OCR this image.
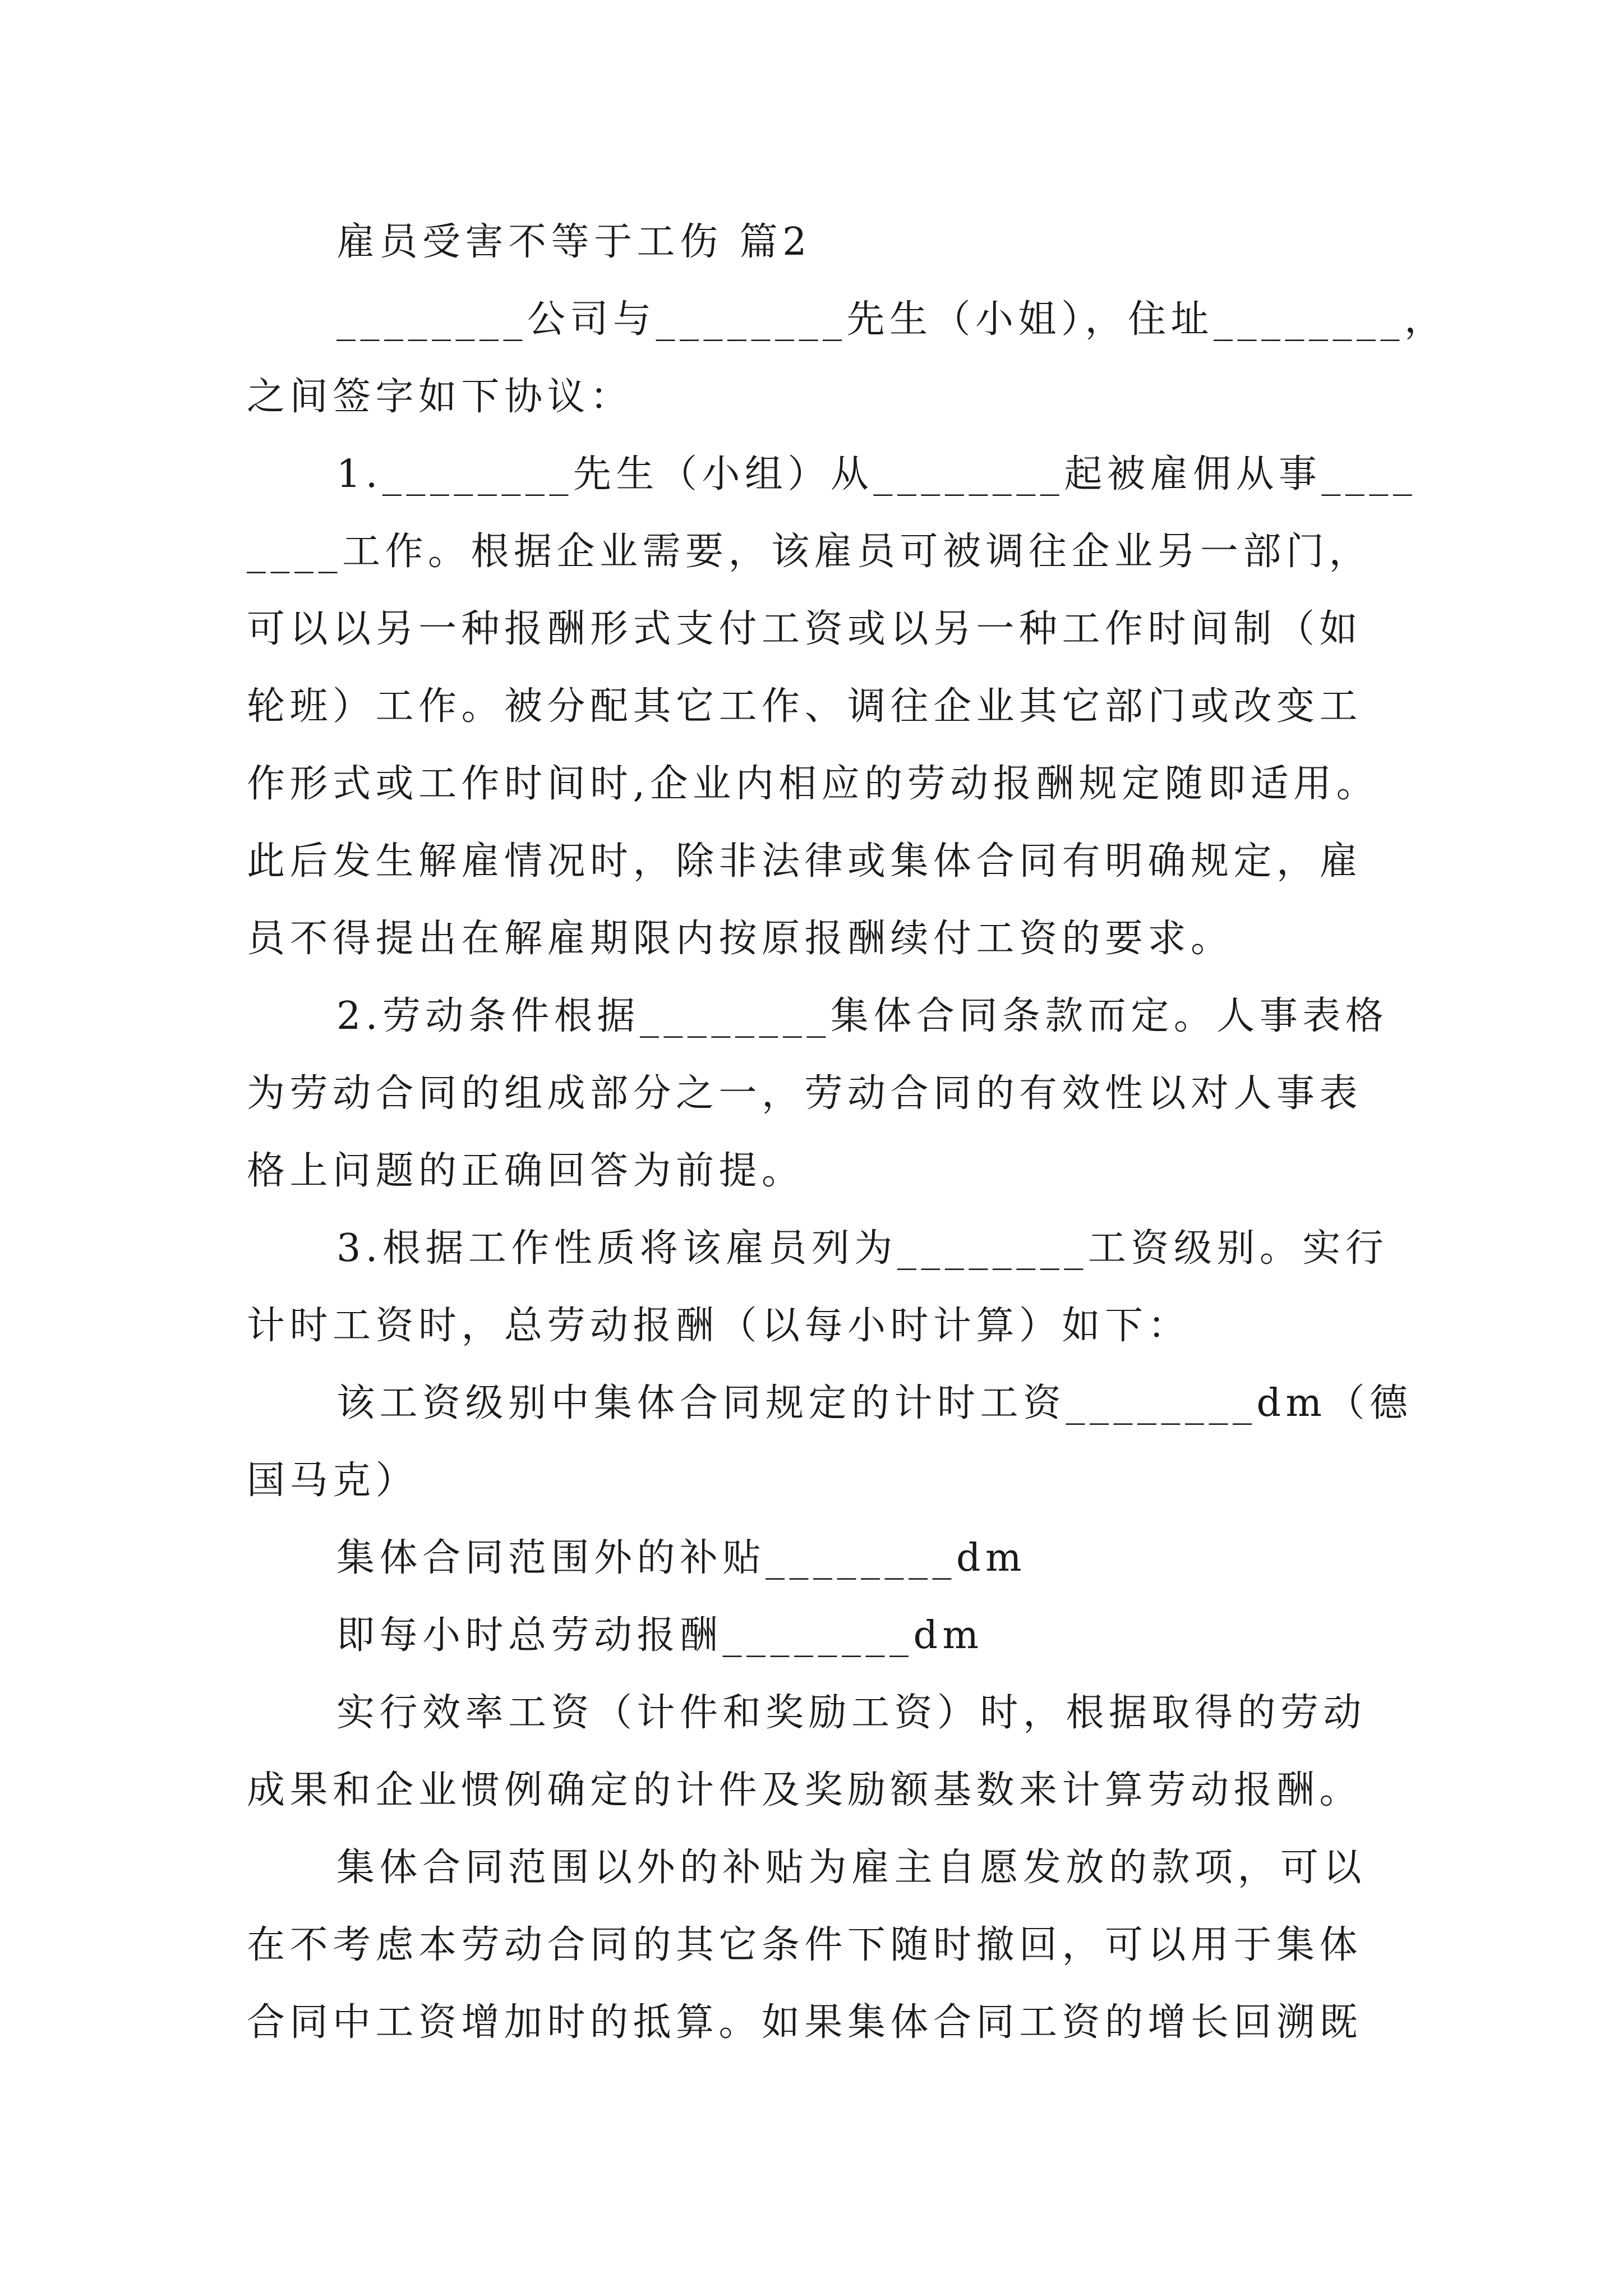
雇员受害不等于工伤 篇2
________公司与________先生（小姐），住址________，
之间签字如下协议：
1.________先生（小组）从________起被雇佣从事____
____工作。根据企业需要，该雇员可被调往企业另一部门，
可以以另一种报酬形式支付工资或以另一种工作时间制（如
轮班）工作。被分配其它工作、调往企业其它部门或改变工
作形式或工作时间时,企业内相应的劳动报酬规定随即适用。
此后发生解雇情况时，除非法律或集体合同有明确规定，雇
员不得提出在解雇期限内按原报酬续付工资的要求。
2.劳动条件根据________集体合同条款而定。人事表格
为劳动合同的组成部分之一，劳动合同的有效性以对人事表
格上问题的正确回答为前提。
3.根据工作性质将该雇员列为________工资级别。实行
计时工资时，总劳动报酬（以每小时计算）如下：
该工资级别中集体合同规定的计时工资________dm（德
国马克）
集体合同范围外的补贴________dm
即每小时总劳动报酬________dm
实行效率工资（计件和奖励工资）时，根据取得的劳动
成果和企业惯例确定的计件及奖励额基数来计算劳动报酬。
集体合同范围以外的补贴为雇主自愿发放的款项，可以
在不考虑本劳动合同的其它条件下随时撤回，可以用于集体
合同中工资增加时的抵算。如果集体合同工资的增长回溯既
